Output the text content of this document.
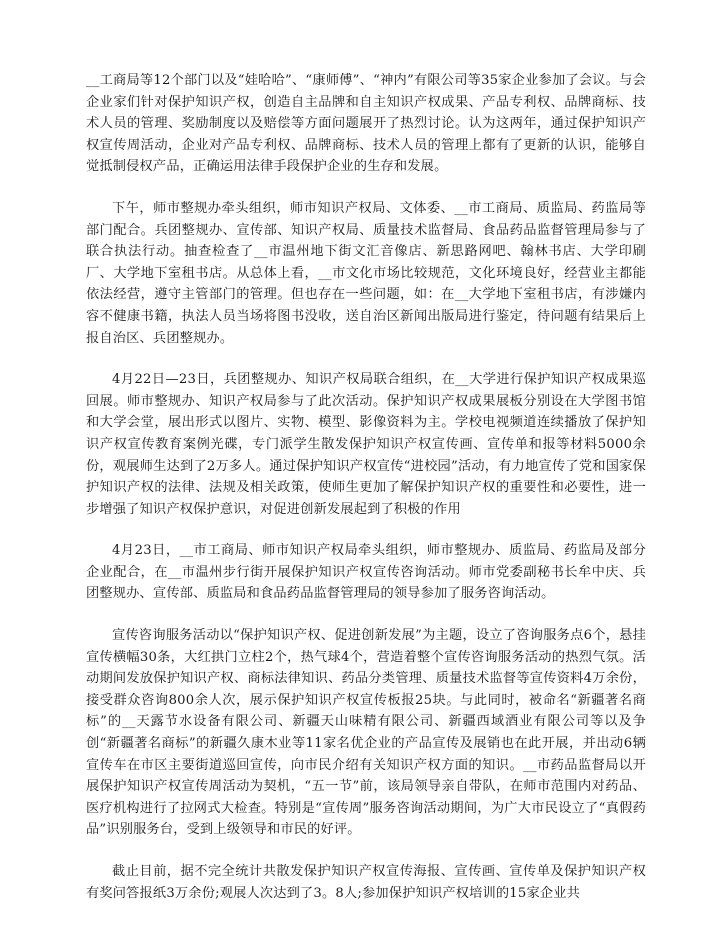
__工商局等12个部门以及“娃哈哈”、“康师傅”、“神内”有限公司等35家企业参加了会议。与会企业家们针对保护知识产权，创造自主品牌和自主知识产权成果、产品专利权、品牌商标、技术人员的管理、奖励制度以及赔偿等方面问题展开了热烈讨论。认为这两年，通过保护知识产权宣传周活动，企业对产品专利权、品牌商标、技术人员的管理上都有了更新的认识，能够自觉抵制侵权产品，正确运用法律手段保护企业的生存和发展。

下午，师市整规办牵头组织，师市知识产权局、文体委、__市工商局、质监局、药监局等部门配合。兵团整规办、宣传部、知识产权局、质量技术监督局、食品药品监督管理局参与了联合执法行动。抽查检查了__市温州地下街文汇音像店、新思路网吧、翰林书店、大学印刷厂、大学地下室租书店。从总体上看，__市文化市场比较规范，文化环境良好，经营业主都能依法经营，遵守主管部门的管理。但也存在一些问题，如：在__大学地下室租书店，有涉嫌内容不健康书籍，执法人员当场将图书没收，送自治区新闻出版局进行鉴定，待问题有结果后上报自治区、兵团整规办。

4月22日—23日，兵团整规办、知识产权局联合组织，在__大学进行保护知识产权成果巡回展。师市整规办、知识产权局参与了此次活动。保护知识产权成果展板分别设在大学图书馆和大学会堂，展出形式以图片、实物、模型、影像资料为主。学校电视频道连续播放了保护知识产权宣传教育案例光碟，专门派学生散发保护知识产权宣传画、宣传单和报等材料5000余份，观展师生达到了2万多人。通过保护知识产权宣传“进校园”活动，有力地宣传了党和国家保护知识产权的法律、法规及相关政策，使师生更加了解保护知识产权的重要性和必要性，进一步增强了知识产权保护意识，对促进创新发展起到了积极的作用

4月23日，__市工商局、师市知识产权局牵头组织，师市整规办、质监局、药监局及部分企业配合，在__市温州步行街开展保护知识产权宣传咨询活动。师市党委副秘书长牟中庆、兵团整规办、宣传部、质监局和食品药品监督管理局的领导参加了服务咨询活动。

宣传咨询服务活动以“保护知识产权、促进创新发展”为主题，设立了咨询服务点6个，悬挂宣传横幅30条，大红拱门立柱2个，热气球4个，营造着整个宣传咨询服务活动的热烈气氛。活动期间发放保护知识产权、商标法律知识、药品分类管理、质量技术监督等宣传资料4万余份，接受群众咨询800余人次，展示保护知识产权宣传板报25块。与此同时，被命名“新疆著名商标”的__天露节水设备有限公司、新疆天山味精有限公司、新疆西域酒业有限公司等以及争创“新疆著名商标”的新疆久康木业等11家名优企业的产品宣传及展销也在此开展，并出动6辆宣传车在市区主要街道巡回宣传，向市民介绍有关知识产权方面的知识。__市药品监督局以开展保护知识产权宣传周活动为契机，“五一节”前，该局领导亲自带队，在师市范围内对药品、医疗机构进行了拉网式大检查。特别是“宣传周”服务咨询活动期间，为广大市民设立了“真假药品”识别服务台，受到上级领导和市民的好评。

截止目前，据不完全统计共散发保护知识产权宣传海报、宣传画、宣传单及保护知识产权有奖问答报纸3万余份;观展人次达到了3。8人;参加保护知识产权培训的15家企业共
